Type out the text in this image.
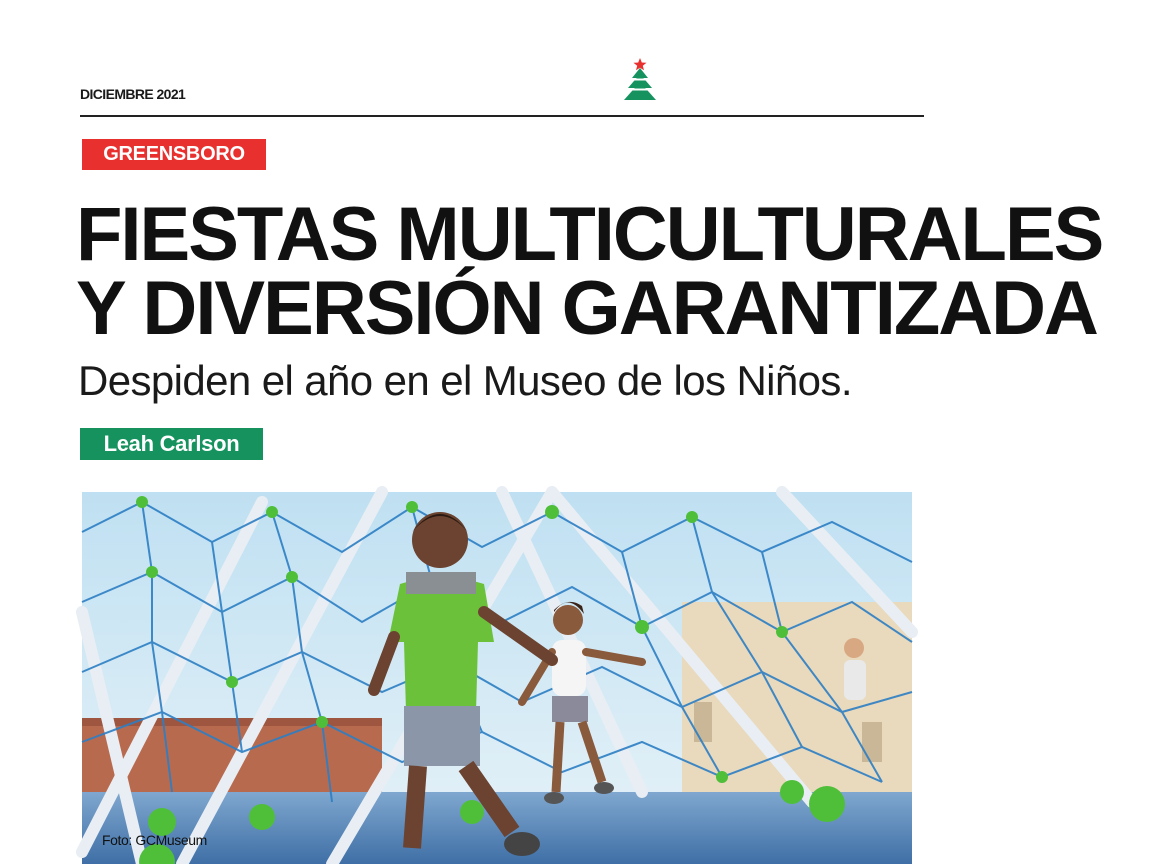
DICIEMBRE 2021
GREENSBORO
FIESTAS MULTICULTURALES
Y DIVERSIÓN GARANTIZADA
Despiden el año en el Museo de los Niños.
Leah Carlson
Foto: GCMuseum
